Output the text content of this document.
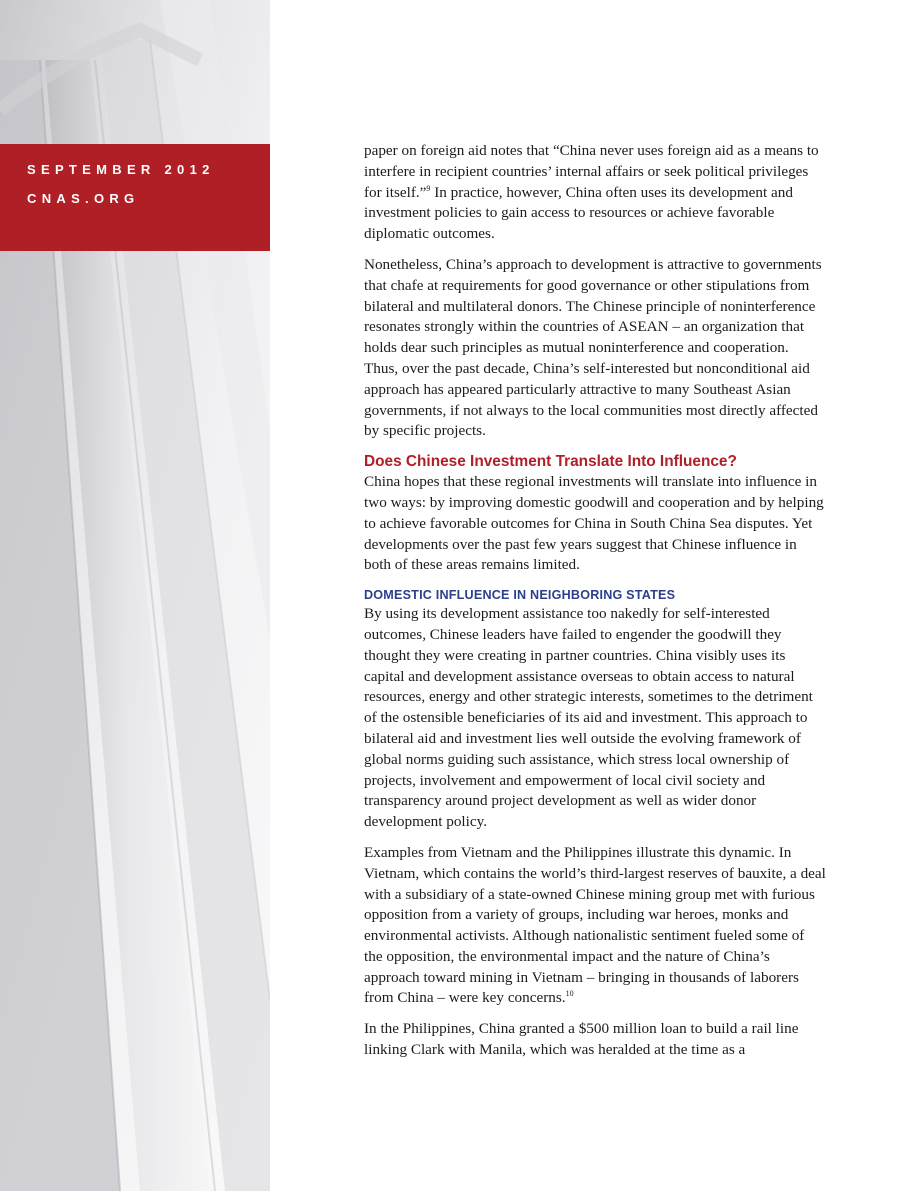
SEPTEMBER 2012
CNAS.ORG

paper on foreign aid notes that “China never uses foreign aid as a means to interfere in recipient countries’ internal affairs or seek political privileges for itself.”$^9$ In practice, however, China often uses its development and investment policies to gain access to resources or achieve favorable diplomatic outcomes.

Nonetheless, China’s approach to development is attractive to governments that chafe at requirements for good governance or other stipulations from bilateral and multilateral donors. The Chinese principle of noninterference resonates strongly within the countries of ASEAN – an organization that holds dear such principles as mutual noninterference and cooperation. Thus, over the past decade, China’s self-interested but nonconditional aid approach has appeared particularly attractive to many Southeast Asian governments, if not always to the local communities most directly affected by specific projects.

Does Chinese Investment Translate Into Influence?

China hopes that these regional investments will translate into influence in two ways: by improving domestic goodwill and cooperation and by helping to achieve favorable outcomes for China in South China Sea disputes. Yet developments over the past few years suggest that Chinese influence in both of these areas remains limited.

DOMESTIC INFLUENCE IN NEIGHBORING STATES

By using its development assistance too nakedly for self-interested outcomes, Chinese leaders have failed to engender the goodwill they thought they were creating in partner countries. China visibly uses its capital and development assistance overseas to obtain access to natural resources, energy and other strategic interests, sometimes to the detriment of the ostensible beneficiaries of its aid and investment. This approach to bilateral aid and investment lies well outside the evolving framework of global norms guiding such assistance, which stress local ownership of projects, involvement and empowerment of local civil society and transparency around project development as well as wider donor development policy.

Examples from Vietnam and the Philippines illustrate this dynamic. In Vietnam, which contains the world’s third-largest reserves of bauxite, a deal with a subsidiary of a state-owned Chinese mining group met with furious opposition from a variety of groups, including war heroes, monks and environmental activists. Although nationalistic sentiment fueled some of the opposition, the environmental impact and the nature of China’s approach toward mining in Vietnam – bringing in thousands of laborers from China – were key concerns.$^{10}$

In the Philippines, China granted a $500 million loan to build a rail line linking Clark with Manila, which was heralded at the time as a
